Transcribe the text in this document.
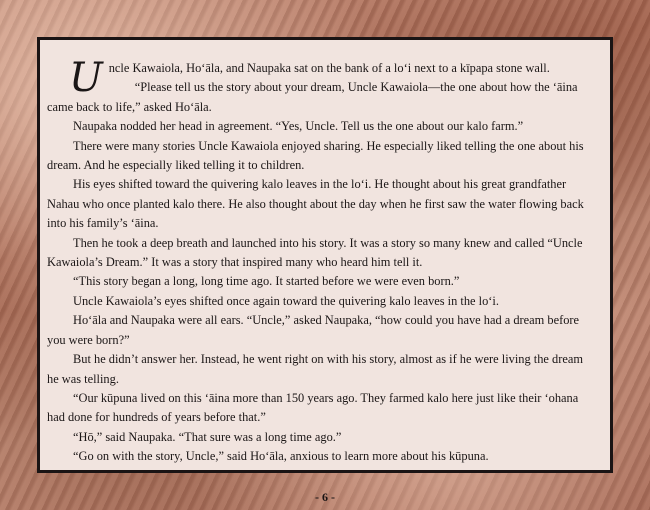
Uncle Kawaiola, Hoʻāla, and Naupaka sat on the bank of a loʻi next to a kīpapa stone wall.

“Please tell us the story about your dream, Uncle Kawaiola—the one about how the ʻāina came back to life,” asked Hoʻāla.

Naupaka nodded her head in agreement. “Yes, Uncle. Tell us the one about our kalo farm.”

There were many stories Uncle Kawaiola enjoyed sharing. He especially liked telling the one about his dream. And he especially liked telling it to children.

His eyes shifted toward the quivering kalo leaves in the loʻi. He thought about his great grandfather Nahau who once planted kalo there. He also thought about the day when he first saw the water flowing back into his family’s ʻāina.

Then he took a deep breath and launched into his story. It was a story so many knew and called “Uncle Kawaiola’s Dream.” It was a story that inspired many who heard him tell it.

“This story began a long, long time ago. It started before we were even born.”

Uncle Kawaiola’s eyes shifted once again toward the quivering kalo leaves in the loʻi.

Hoʻāla and Naupaka were all ears. “Uncle,” asked Naupaka, “how could you have had a dream before you were born?”

But he didn’t answer her. Instead, he went right on with his story, almost as if he were living the dream he was telling.

“Our kūpuna lived on this ʻāina more than 150 years ago. They farmed kalo here just like their ʻohana had done for hundreds of years before that.”

“Hō,” said Naupaka. “That sure was a long time ago.”

“Go on with the story, Uncle,” said Hoʻāla, anxious to learn more about his kūpuna.

- 6 -
